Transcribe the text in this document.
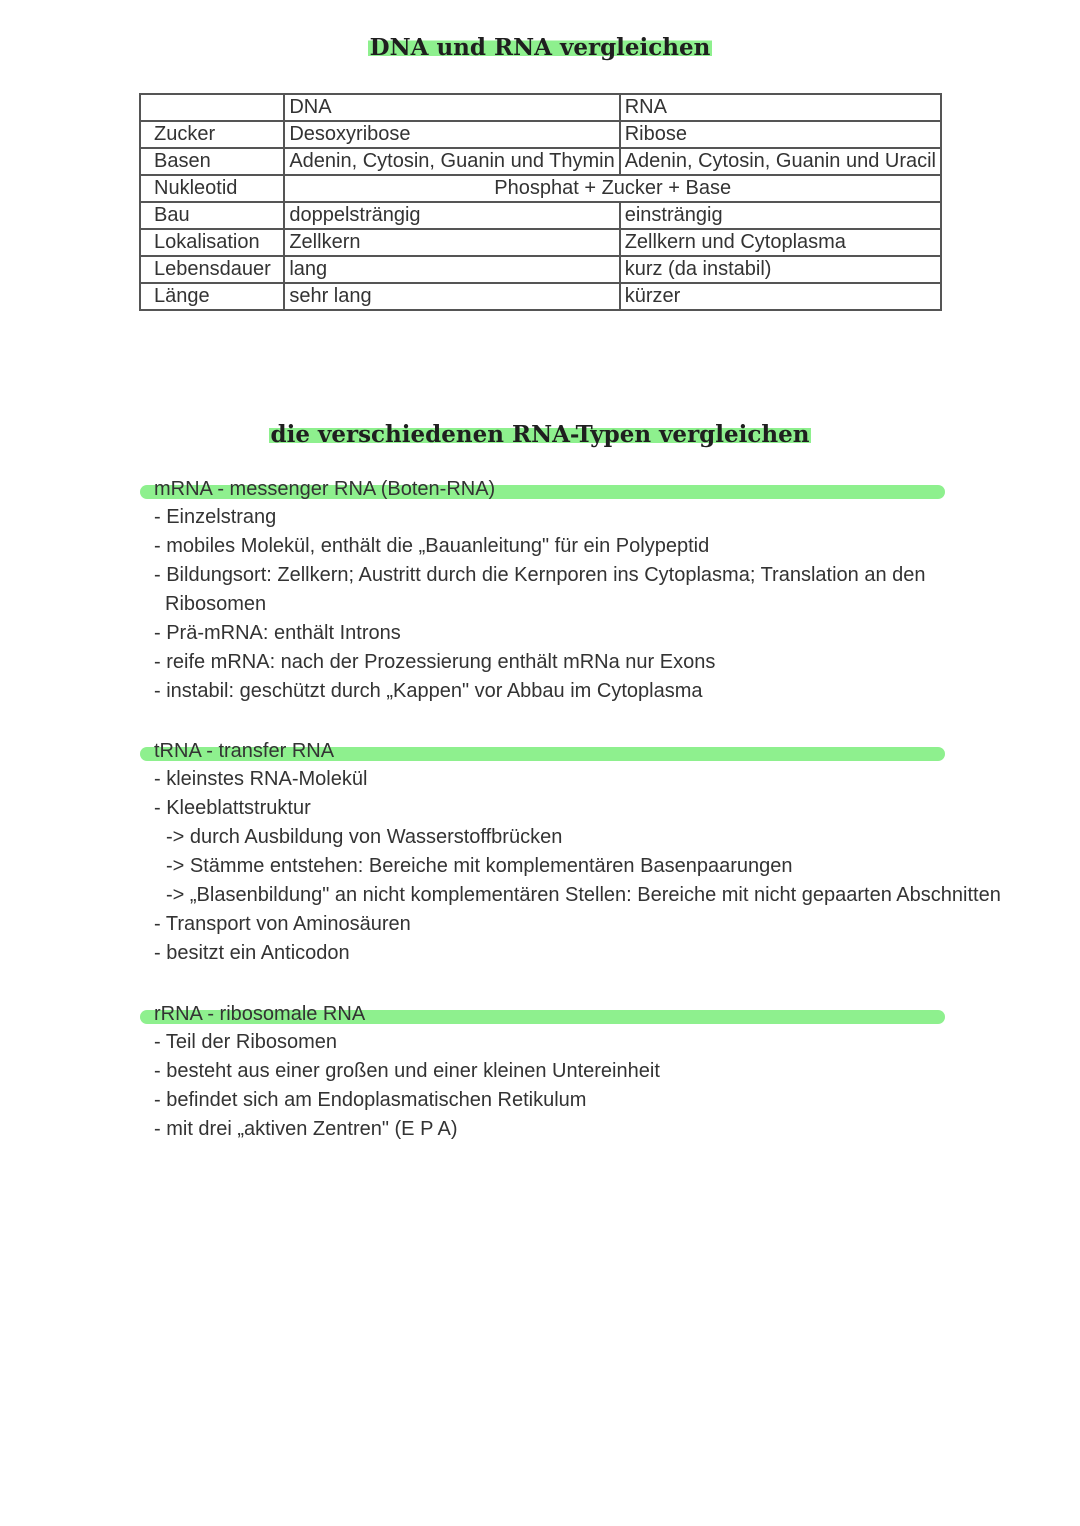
DNA und RNA vergleichen
	DNA	RNA
Zucker	Desoxyribose	Ribose
Basen	Adenin, Cytosin, Guanin und Thymin	Adenin, Cytosin, Guanin und Uracil
Nukleotid	Phosphat + Zucker + Base	
Bau	doppelsträngig	einsträngig
Lokalisation	Zellkern	Zellkern und Cytoplasma
Lebensdauer	lang	kurz (da instabil)
Länge	sehr lang	kürzer
die verschiedenen RNA-Typen vergleichen
mRNA - messenger RNA (Boten-RNA)
- Einzelstrang
- mobiles Molekül, enthält die „Bauanleitung" für ein Polypeptid
- Bildungsort: Zellkern; Austritt durch die Kernporen ins Cytoplasma; Translation an den Ribosomen
- Prä-mRNA: enthält Introns
- reife mRNA: nach der Prozessierung enthält mRNa nur Exons
- instabil: geschützt durch „Kappen" vor Abbau im Cytoplasma
tRNA - transfer RNA
- kleinstes RNA-Molekül
- Kleeblattstruktur
-> durch Ausbildung von Wasserstoffbrücken
-> Stämme entstehen: Bereiche mit komplementären Basenpaarungen
-> „Blasenbildung" an nicht komplementären Stellen: Bereiche mit nicht gepaarten Abschnitten
- Transport von Aminosäuren
- besitzt ein Anticodon
rRNA - ribosomale RNA
- Teil der Ribosomen
- besteht aus einer großen und einer kleinen Untereinheit
- befindet sich am Endoplasmatischen Retikulum
- mit drei „aktiven Zentren" (E P A)
